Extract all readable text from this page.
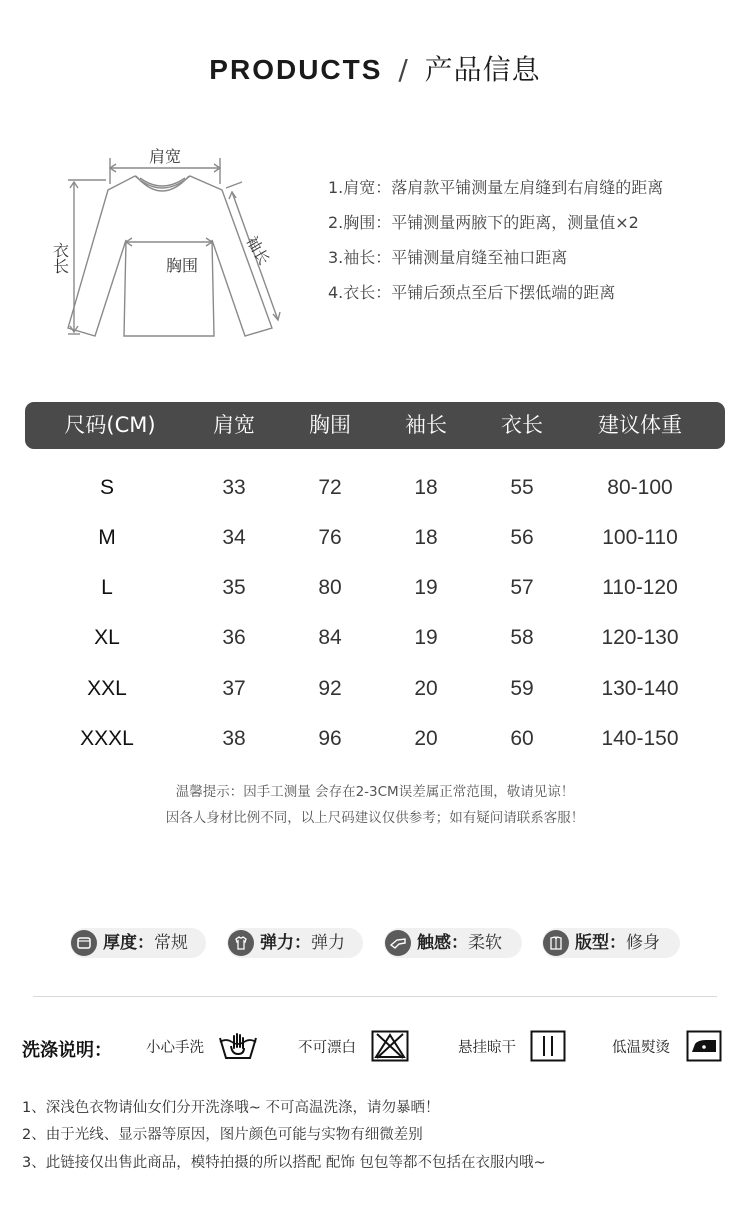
PRODUCTS / 产品信息
肩宽
胸围
衣长	袖长
1.肩宽：落肩款平铺测量左肩缝到右肩缝的距离
2.胸围：平铺测量两腋下的距离，测量值×2
3.袖长：平铺测量肩缝至袖口距离
4.衣长：平铺后颈点至后下摆低端的距离
尺码(CM)	肩宽	胸围	袖长	衣长	建议体重
S	33	72	18	55	80-100
M	34	76	18	56	100-110
L	35	80	19	57	110-120
XL	36	84	19	58	120-130
XXL	37	92	20	59	130-140
XXXL	38	96	20	60	140-150
温馨提示：因手工测量 会存在2-3CM误差属正常范围，敬请见谅！
因各人身材比例不同，以上尺码建议仅供参考；如有疑问请联系客服！
厚度：常规	弹力：弹力	触感：柔软	版型：修身
洗涤说明： 小心手洗	不可漂白	悬挂晾干	低温熨烫
1、深浅色衣物请仙女们分开洗涤哦~ 不可高温洗涤，请勿暴晒！
2、由于光线、显示器等原因，图片颜色可能与实物有细微差别
3、此链接仅出售此商品，模特拍摄的所以搭配 配饰 包包等都不包括在衣服内哦~
